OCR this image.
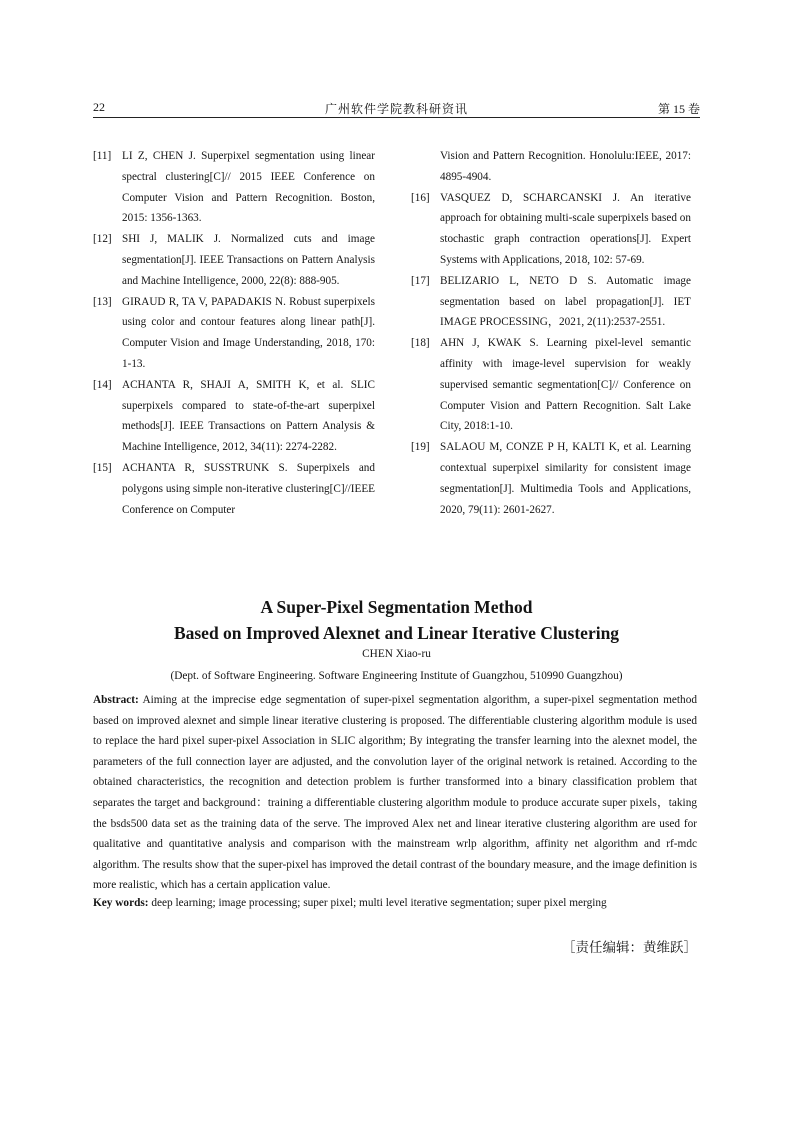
22	广州软件学院教科研资讯	第 15 卷
[11] LI Z, CHEN J. Superpixel segmentation using linear spectral clustering[C]// 2015 IEEE Conference on Computer Vision and Pattern Recognition. Boston, 2015: 1356-1363.
[12] SHI J, MALIK J. Normalized cuts and image segmentation[J]. IEEE Transactions on Pattern Analysis and Machine Intelligence, 2000, 22(8): 888-905.
[13] GIRAUD R, TA V, PAPADAKIS N. Robust superpixels using color and contour features along linear path[J]. Computer Vision and Image Understanding, 2018, 170: 1-13.
[14] ACHANTA R, SHAJI A, SMITH K, et al. SLIC superpixels compared to state-of-the-art superpixel methods[J]. IEEE Transactions on Pattern Analysis & Machine Intelligence, 2012, 34(11): 2274-2282.
[15] ACHANTA R, SUSSTRUNK S. Superpixels and polygons using simple non-iterative clustering[C]//IEEE Conference on Computer
Vision and Pattern Recognition. Honolulu:IEEE, 2017: 4895-4904.
[16] VASQUEZ D, SCHARCANSKI J. An iterative approach for obtaining multi-scale superpixels based on stochastic graph contraction operations[J]. Expert Systems with Applications, 2018, 102: 57-69.
[17] BELIZARIO L, NETO D S. Automatic image segmentation based on label propagation[J]. IET IMAGE PROCESSING，2021, 2(11):2537-2551.
[18] AHN J, KWAK S. Learning pixel-level semantic affinity with image-level supervision for weakly supervised semantic segmentation[C]// Conference on Computer Vision and Pattern Recognition. Salt Lake City, 2018:1-10.
[19] SALAOU M, CONZE P H, KALTI K, et al. Learning contextual superpixel similarity for consistent image segmentation[J]. Multimedia Tools and Applications, 2020, 79(11): 2601-2627.
A Super-Pixel Segmentation Method
Based on Improved Alexnet and Linear Iterative Clustering
CHEN Xiao-ru
(Dept. of Software Engineering. Software Engineering Institute of Guangzhou, 510990 Guangzhou)
Abstract: Aiming at the imprecise edge segmentation of super-pixel segmentation algorithm, a super-pixel segmentation method based on improved alexnet and simple linear iterative clustering is proposed. The differentiable clustering algorithm module is used to replace the hard pixel super-pixel Association in SLIC algorithm; By integrating the transfer learning into the alexnet model, the parameters of the full connection layer are adjusted, and the convolution layer of the original network is retained. According to the obtained characteristics, the recognition and detection problem is further transformed into a binary classification problem that separates the target and background：training a differentiable clustering algorithm module to produce accurate super pixels，taking the bsds500 data set as the training data of the serve. The improved Alex net and linear iterative clustering algorithm are used for qualitative and quantitative analysis and comparison with the mainstream wrlp algorithm, affinity net algorithm and rf-mdc algorithm. The results show that the super-pixel has improved the detail contrast of the boundary measure, and the image definition is more realistic, which has a certain application value.
Key words: deep learning; image processing; super pixel; multi level iterative segmentation; super pixel merging
［责任编辑：黄维跃］
